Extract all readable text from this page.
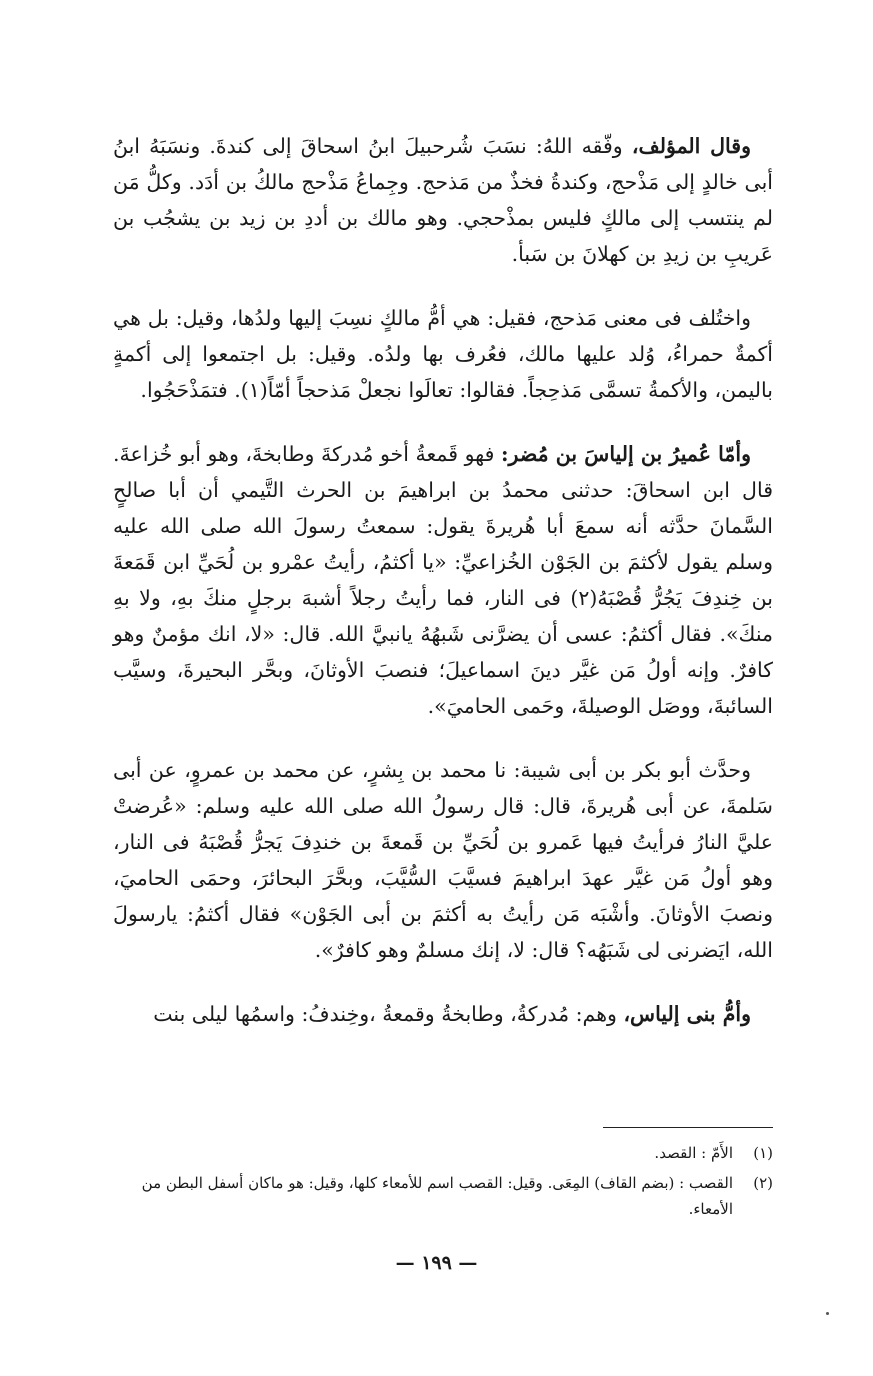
وقال المؤلف، وفّقه اللهُ: نسَبَ شُرحبيلَ ابنُ اسحاقَ إلى كندةَ. ونسَبَهُ ابنُ أبى خالدٍ إلى مَذْحج، وكندةُ فخذٌ من مَذحج. وجِماعُ مَذْحج مالكُ بن أدَد. وكلُّ مَن لم ينتسب إلى مالكٍ فليس بمذْحجي. وهو مالك بن أددِ بن زيد بن يشجُب بن عَريبِ بن زيدِ بن كهلانَ بن سَبأ.

واختُلف فى معنى مَذحج، فقيل: هي أمُّ مالكٍ نسِبَ إليها ولدُها، وقيل: بل هي أكمةٌ حمراءُ، وُلد عليها مالك، فعُرف بها ولدُه. وقيل: بل اجتمعوا إلى أكمةٍ باليمن، والأكمةُ تسمَّى مَذحِجاً. فقالوا: تعالَوا نجعلْ مَذحجاً أمّاً(١). فتمَذْحَجُوا.

وأمّا عُميرُ بن إلياسَ بن مُضر: فهو قَمعةُ أخو مُدركةَ وطابخةَ، وهو أبو خُزاعةَ. قال ابن اسحاقَ: حدثنى محمدُ بن ابراهيمَ بن الحرث التَّيمي أن أبا صالحٍ السَّمانَ حدَّثه أنه سمعَ أبا هُريرةَ يقول: سمعتُ رسولَ الله صلى الله عليه وسلم يقول لأكثمَ بن الجَوْن الخُزاعيِّ: «يا أكثمُ، رأيتُ عمْرو بن لُحَيِّ ابن قَمَعةَ بن خِندِفَ يَجُرُّ قُصْبَهُ(٢) فى النار، فما رأيتُ رجلاً أشبهَ برجلٍ منكَ بهِ، ولا بهِ منكَ». فقال أكثمُ: عسى أن يضرَّنى شَبهُهُ يانبيَّ الله. قال: «لا، انك مؤمنٌ وهو كافرٌ. وإنه أولُ مَن غيَّر دينَ اسماعيلَ؛ فنصبَ الأوثانَ، وبحَّر البحيرةَ، وسيَّب السائبةَ، ووصَل الوصيلةَ، وحَمى الحاميَ».

وحدَّث أبو بكر بن أبى شيبة: نا محمد بن بِشرٍ، عن محمد بن عمروٍ، عن أبى سَلمةَ، عن أبى هُريرةَ، قال: قال رسولُ الله صلى الله عليه وسلم: «عُرضتْ عليَّ النارُ فرأيتُ فيها عَمرو بن لُحَيِّ بن قَمعةَ بن خندِفَ يَجرُّ قُصْبَهُ فى النار، وهو أولُ مَن غيَّر عهدَ ابراهيمَ فسيَّبَ السُّيَّبَ، وبحَّرَ البحائرَ، وحمَى الحاميَ، ونصبَ الأوثانَ. وأشْبَه مَن رأيتُ به أكثمَ بن أبى الجَوْن» فقال أكثمُ: يارسولَ الله، ايَضرنى لى شَبَهُه؟ قال: لا، إنك مسلمٌ وهو كافرٌ».

وأمُّ بنى إلياس، وهم: مُدركةُ، وطابخةُ وقمعةُ ،وخِندفُ: واسمُها ليلى بنت

(١)
الأَمّ : القصد.
(٢)
القصب : (بضم القاف) المِعَى. وقيل: القصب اسم للأمعاء كلها، وقيل: هو ماكان أسفل البطن من الأمعاء.
— ١٩٩ —
